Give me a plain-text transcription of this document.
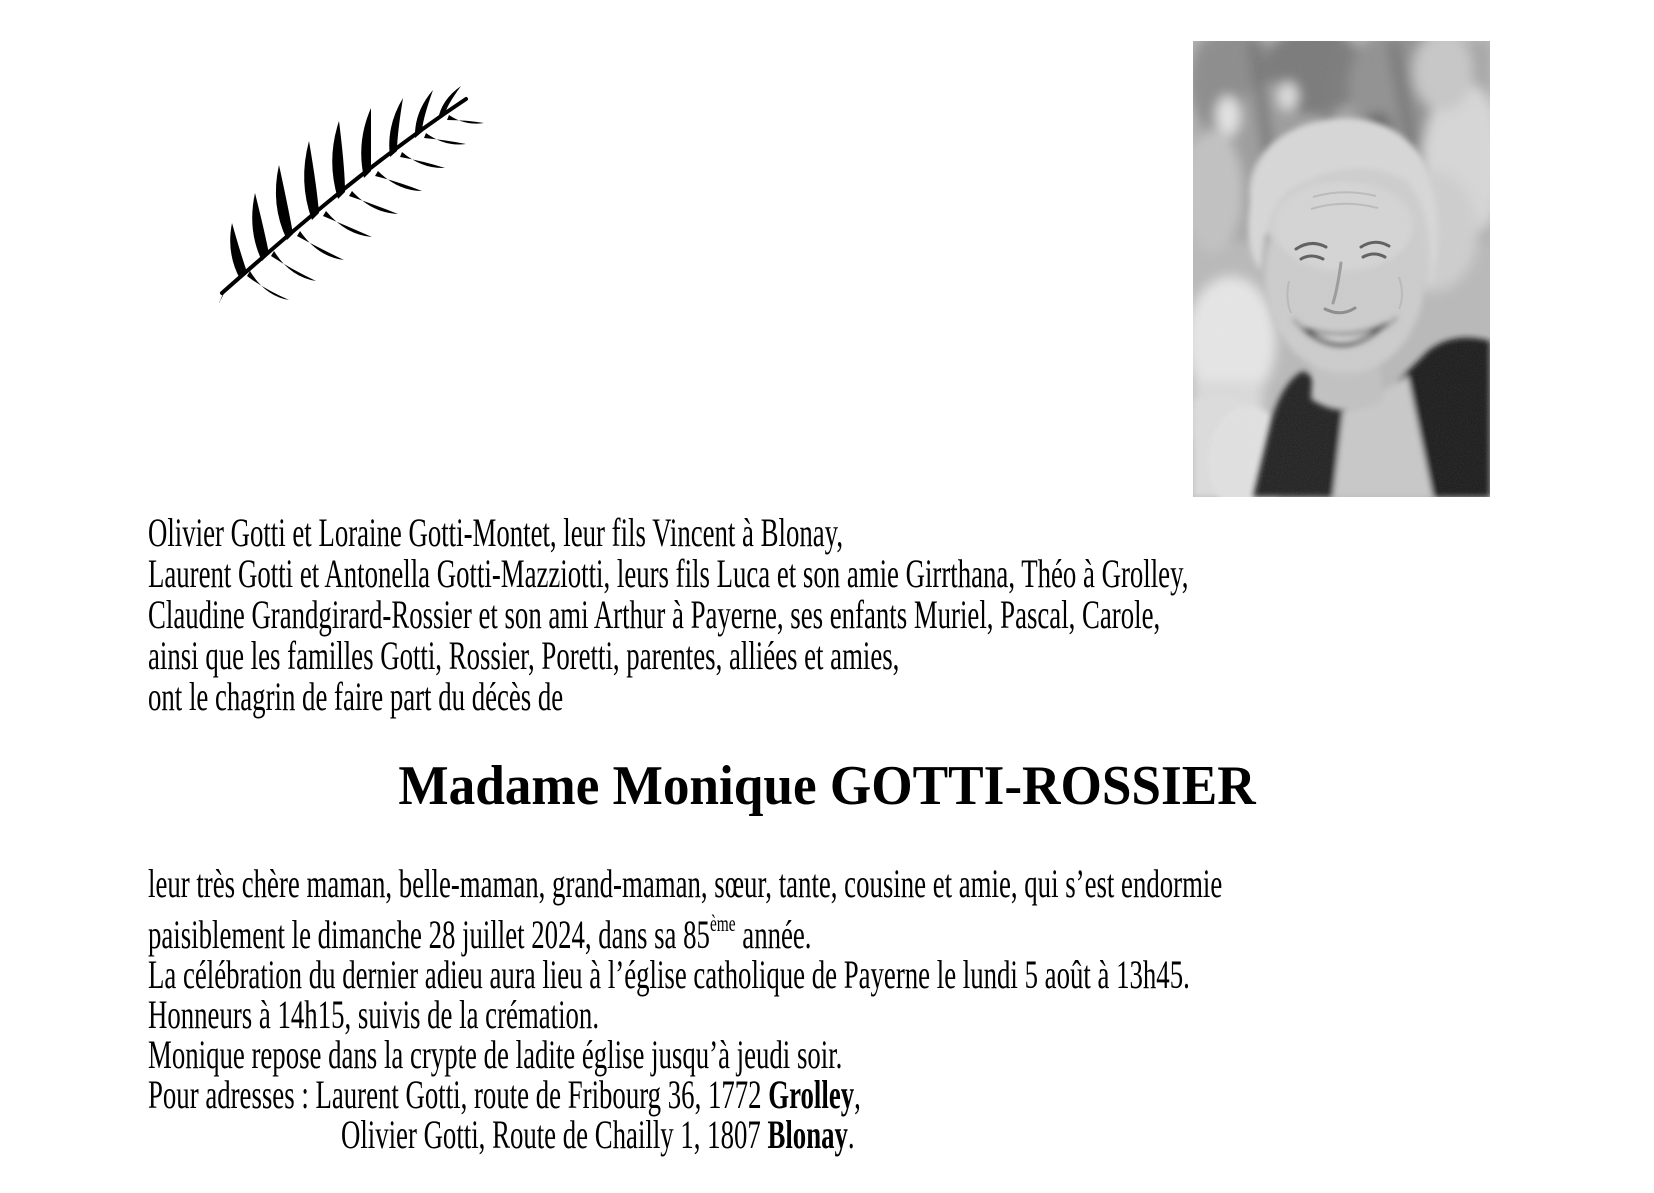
Olivier Gotti et Loraine Gotti-Montet, leur fils Vincent à Blonay,
Laurent Gotti et Antonella Gotti-Mazziotti, leurs fils Luca et son amie Girrthana, Théo à Grolley,
Claudine Grandgirard-Rossier et son ami Arthur à Payerne, ses enfants Muriel, Pascal, Carole,
ainsi que les familles Gotti, Rossier, Poretti, parentes, alliées et amies,
ont le chagrin de faire part du décès de
Madame Monique GOTTI-ROSSIER
leur très chère maman, belle-maman, grand-maman, sœur, tante, cousine et amie, qui s’est endormie
paisiblement le dimanche 28 juillet 2024, dans sa 85ème année.
La célébration du dernier adieu aura lieu à l’église catholique de Payerne le lundi 5 août à 13h45.
Honneurs à 14h15, suivis de la crémation.
Monique repose dans la crypte de ladite église jusqu’à jeudi soir.
Pour adresses : Laurent Gotti, route de Fribourg 36, 1772 Grolley,
Olivier Gotti, Route de Chailly 1, 1807 Blonay.
